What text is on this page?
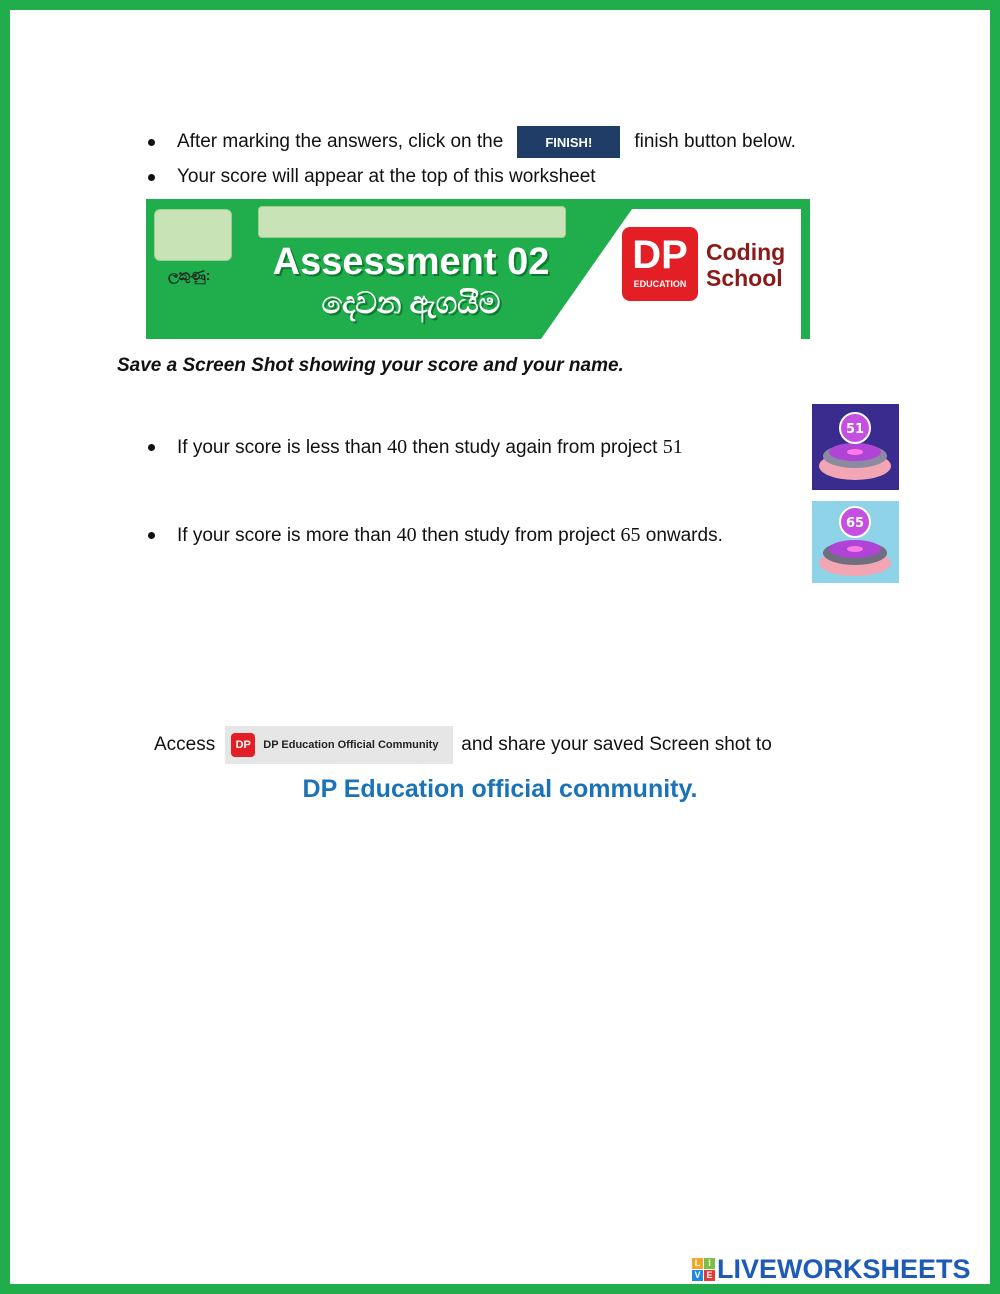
After marking the answers, click on the	FINISH!	finish button below.
Your score will appear at the top of this worksheet
ලකුණු:	Assessment 02
දෙවන ඇගයීම
DP
EDUCATION
Coding
School
Save a Screen Shot showing your score and your name.
If your score is less than 40 then study again from project 51
If your score is more than 40 then study from project 65 onwards.
51
65
Access	DP	DP Education Official Community and share your saved Screen shot to
DP Education official community.
L I
V E LIVEWORKSHEETS
